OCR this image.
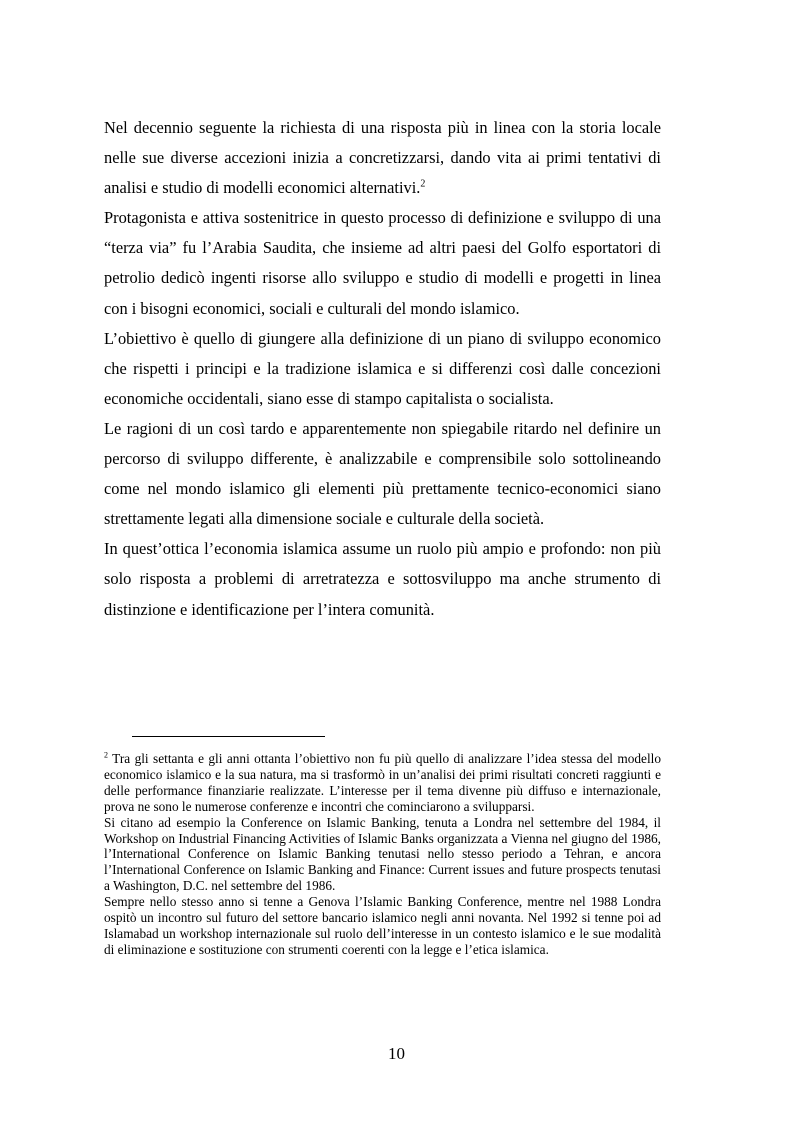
Nel decennio seguente la richiesta di una risposta più in linea con la storia locale nelle sue diverse accezioni inizia a concretizzarsi, dando vita ai primi tentativi di analisi e studio di modelli economici alternativi.$^2$

Protagonista e attiva sostenitrice in questo processo di definizione e sviluppo di una “terza via” fu l’Arabia Saudita, che insieme ad altri paesi del Golfo esportatori di petrolio dedicò ingenti risorse allo sviluppo e studio di modelli e progetti in linea con i bisogni economici, sociali e culturali del mondo islamico.

L’obiettivo è quello di giungere alla definizione di un piano di sviluppo economico che rispetti i principi e la tradizione islamica e si differenzi così dalle concezioni economiche occidentali, siano esse di stampo capitalista o socialista.

Le ragioni di un così tardo e apparentemente non spiegabile ritardo nel definire un percorso di sviluppo differente, è analizzabile e comprensibile solo sottolineando come nel mondo islamico gli elementi più prettamente tecnico-economici siano strettamente legati alla dimensione sociale e culturale della società.

In quest’ottica l’economia islamica assume un ruolo più ampio e profondo: non più solo risposta a problemi di arretratezza e sottosviluppo ma anche strumento di distinzione e identificazione per l’intera comunità.

$^2$ Tra gli settanta e gli anni ottanta l’obiettivo non fu più quello di analizzare l’idea stessa del modello economico islamico e la sua natura, ma si trasformò in un’analisi dei primi risultati concreti raggiunti e delle performance finanziarie realizzate. L’interesse per il tema divenne più diffuso e internazionale, prova ne sono le numerose conferenze e incontri che cominciarono a svilupparsi.

Si citano ad esempio la Conference on Islamic Banking, tenuta a Londra nel settembre del 1984, il Workshop on Industrial Financing Activities of Islamic Banks organizzata a Vienna nel giugno del 1986, l’International Conference on Islamic Banking tenutasi nello stesso periodo a Tehran, e ancora l’International Conference on Islamic Banking and Finance: Current issues and future prospects tenutasi a Washington, D.C. nel settembre del 1986.

Sempre nello stesso anno si tenne a Genova l’Islamic Banking Conference, mentre nel 1988 Londra ospitò un incontro sul futuro del settore bancario islamico negli anni novanta. Nel 1992 si tenne poi ad Islamabad un workshop internazionale sul ruolo dell’interesse in un contesto islamico e le sue modalità di eliminazione e sostituzione con strumenti coerenti con la legge e l’etica islamica.

10
